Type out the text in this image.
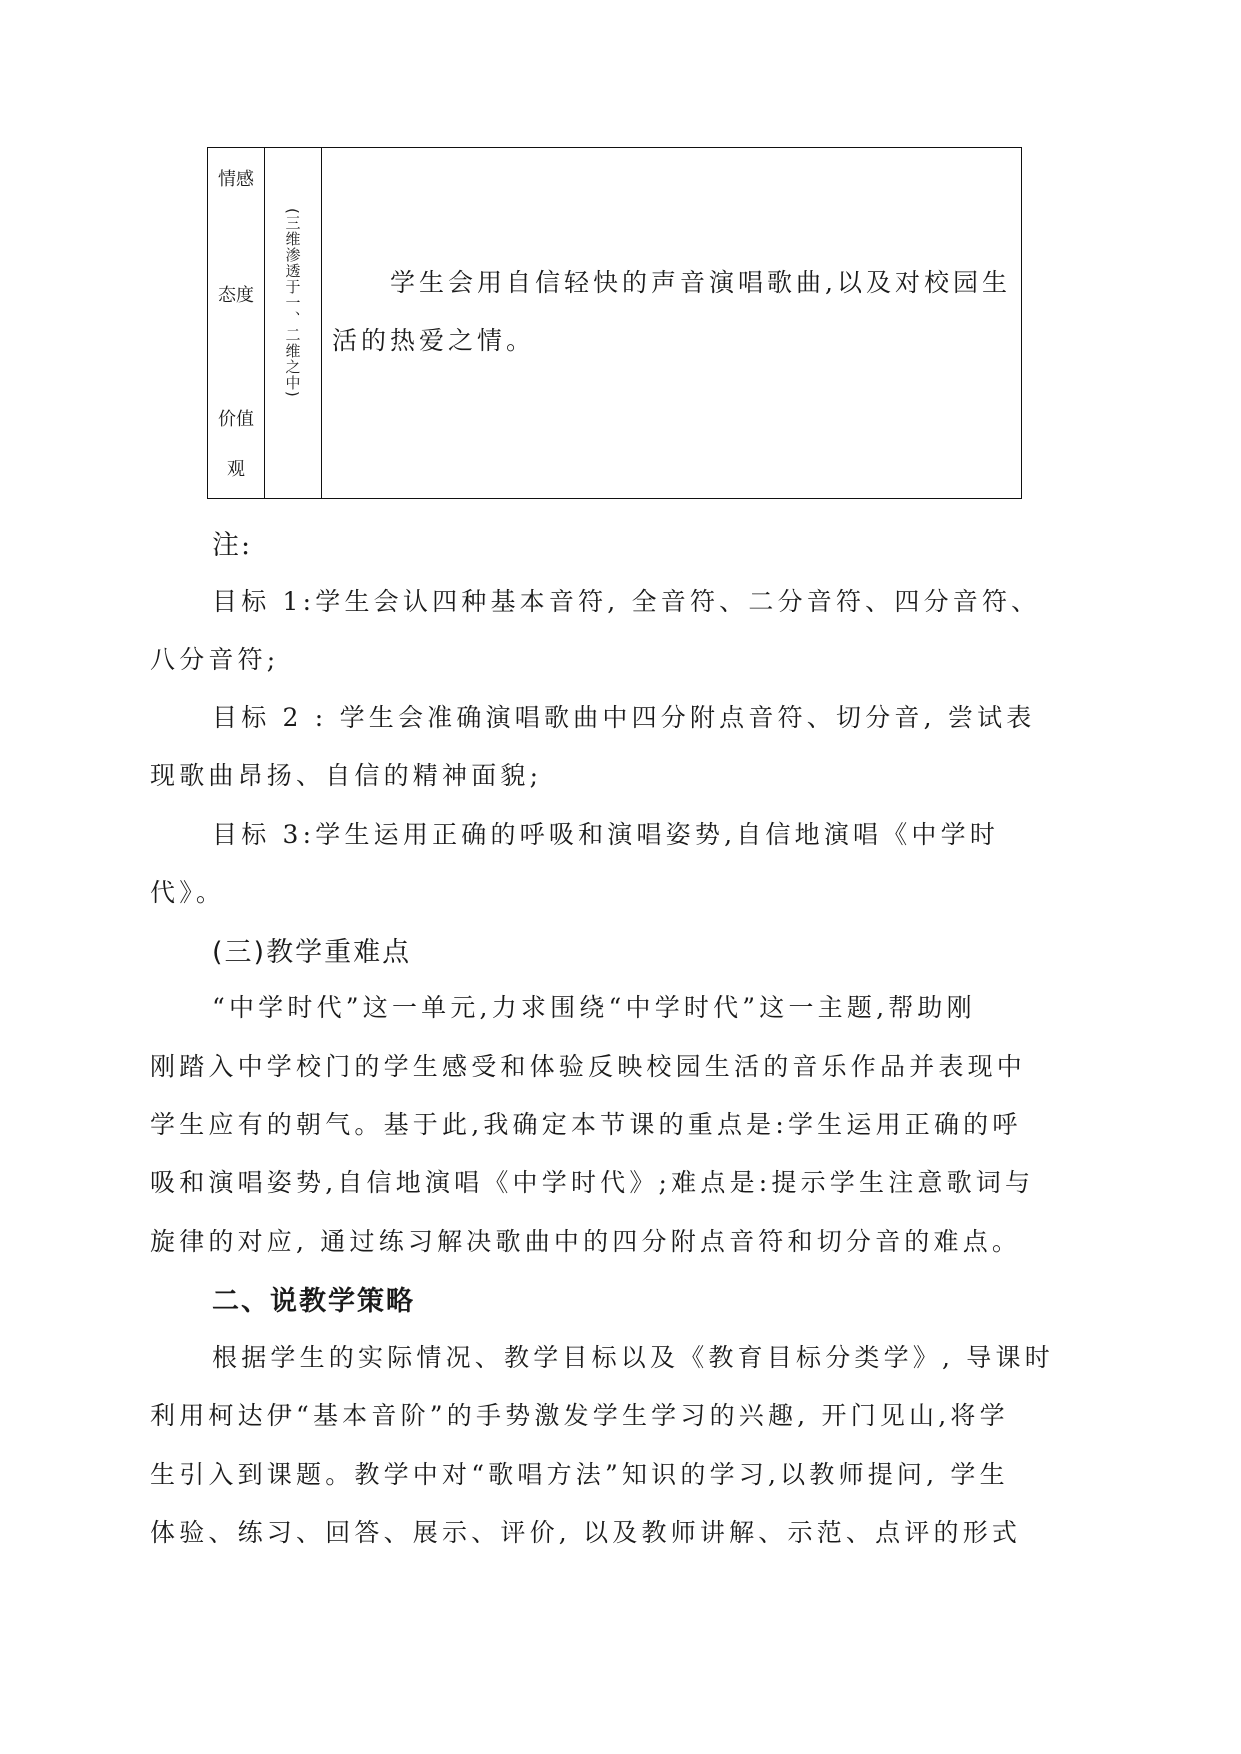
情感
态度
价值
观
(三维渗透于一、二维之中)	学生会用自信轻快的声音演唱歌曲,以及对校园生活的热爱之情。

注:

目标 1:学生会认四种基本音符, 全音符、二分音符、四分音符、

八分音符;

目标 2 : 学生会准确演唱歌曲中四分附点音符、切分音, 尝试表

现歌曲昂扬、自信的精神面貌;

目标 3:学生运用正确的呼吸和演唱姿势,自信地演唱《中学时

代》。

(三)教学重难点

“中学时代”这一单元,力求围绕“中学时代”这一主题,帮助刚

刚踏入中学校门的学生感受和体验反映校园生活的音乐作品并表现中

学生应有的朝气。基于此,我确定本节课的重点是:学生运用正确的呼

吸和演唱姿势,自信地演唱《中学时代》;难点是:提示学生注意歌词与

旋律的对应, 通过练习解决歌曲中的四分附点音符和切分音的难点。

二、说教学策略

根据学生的实际情况、教学目标以及《教育目标分类学》, 导课时

利用柯达伊“基本音阶”的手势激发学生学习的兴趣, 开门见山,将学

生引入到课题。教学中对“歌唱方法”知识的学习,以教师提问, 学生

体验、练习、回答、展示、评价, 以及教师讲解、示范、点评的形式
